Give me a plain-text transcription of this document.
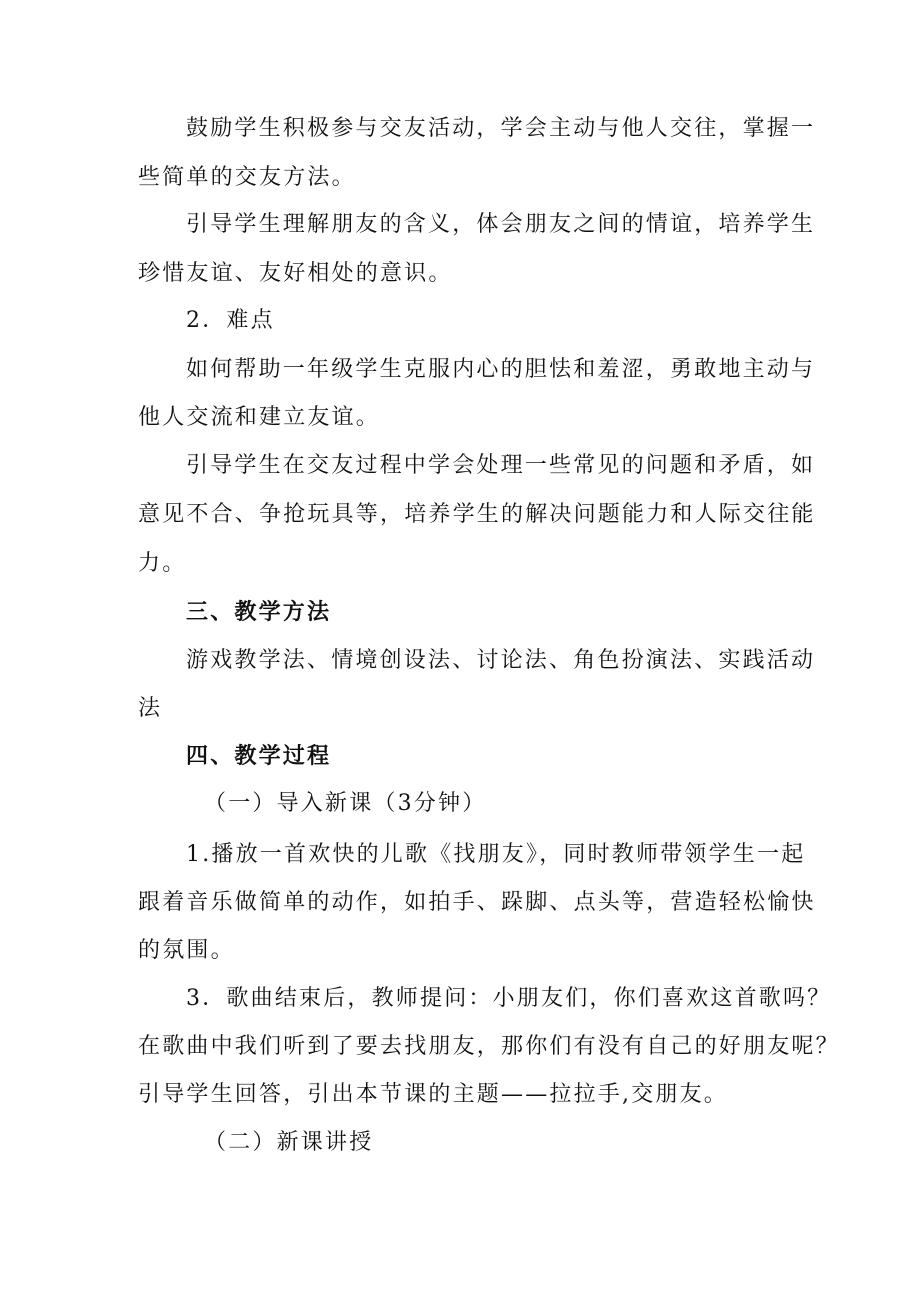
鼓励学生积极参与交友活动，学会主动与他人交往，掌握一
些简单的交友方法。
引导学生理解朋友的含义，体会朋友之间的情谊，培养学生
珍惜友谊、友好相处的意识。
2．难点
如何帮助一年级学生克服内心的胆怯和羞涩，勇敢地主动与
他人交流和建立友谊。
引导学生在交友过程中学会处理一些常见的问题和矛盾，如
意见不合、争抢玩具等，培养学生的解决问题能力和人际交往能
力。
三、教学方法
游戏教学法、情境创设法、讨论法、角色扮演法、实践活动
法
四、教学过程
（一）导入新课（3分钟）
1.播放一首欢快的儿歌《找朋友》，同时教师带领学生一起
跟着音乐做简单的动作，如拍手、跺脚、点头等，营造轻松愉快
的氛围。
3．歌曲结束后，教师提问：小朋友们，你们喜欢这首歌吗？
在歌曲中我们听到了要去找朋友，那你们有没有自己的好朋友呢？
引导学生回答，引出本节课的主题——拉拉手,交朋友。
（二）新课讲授
